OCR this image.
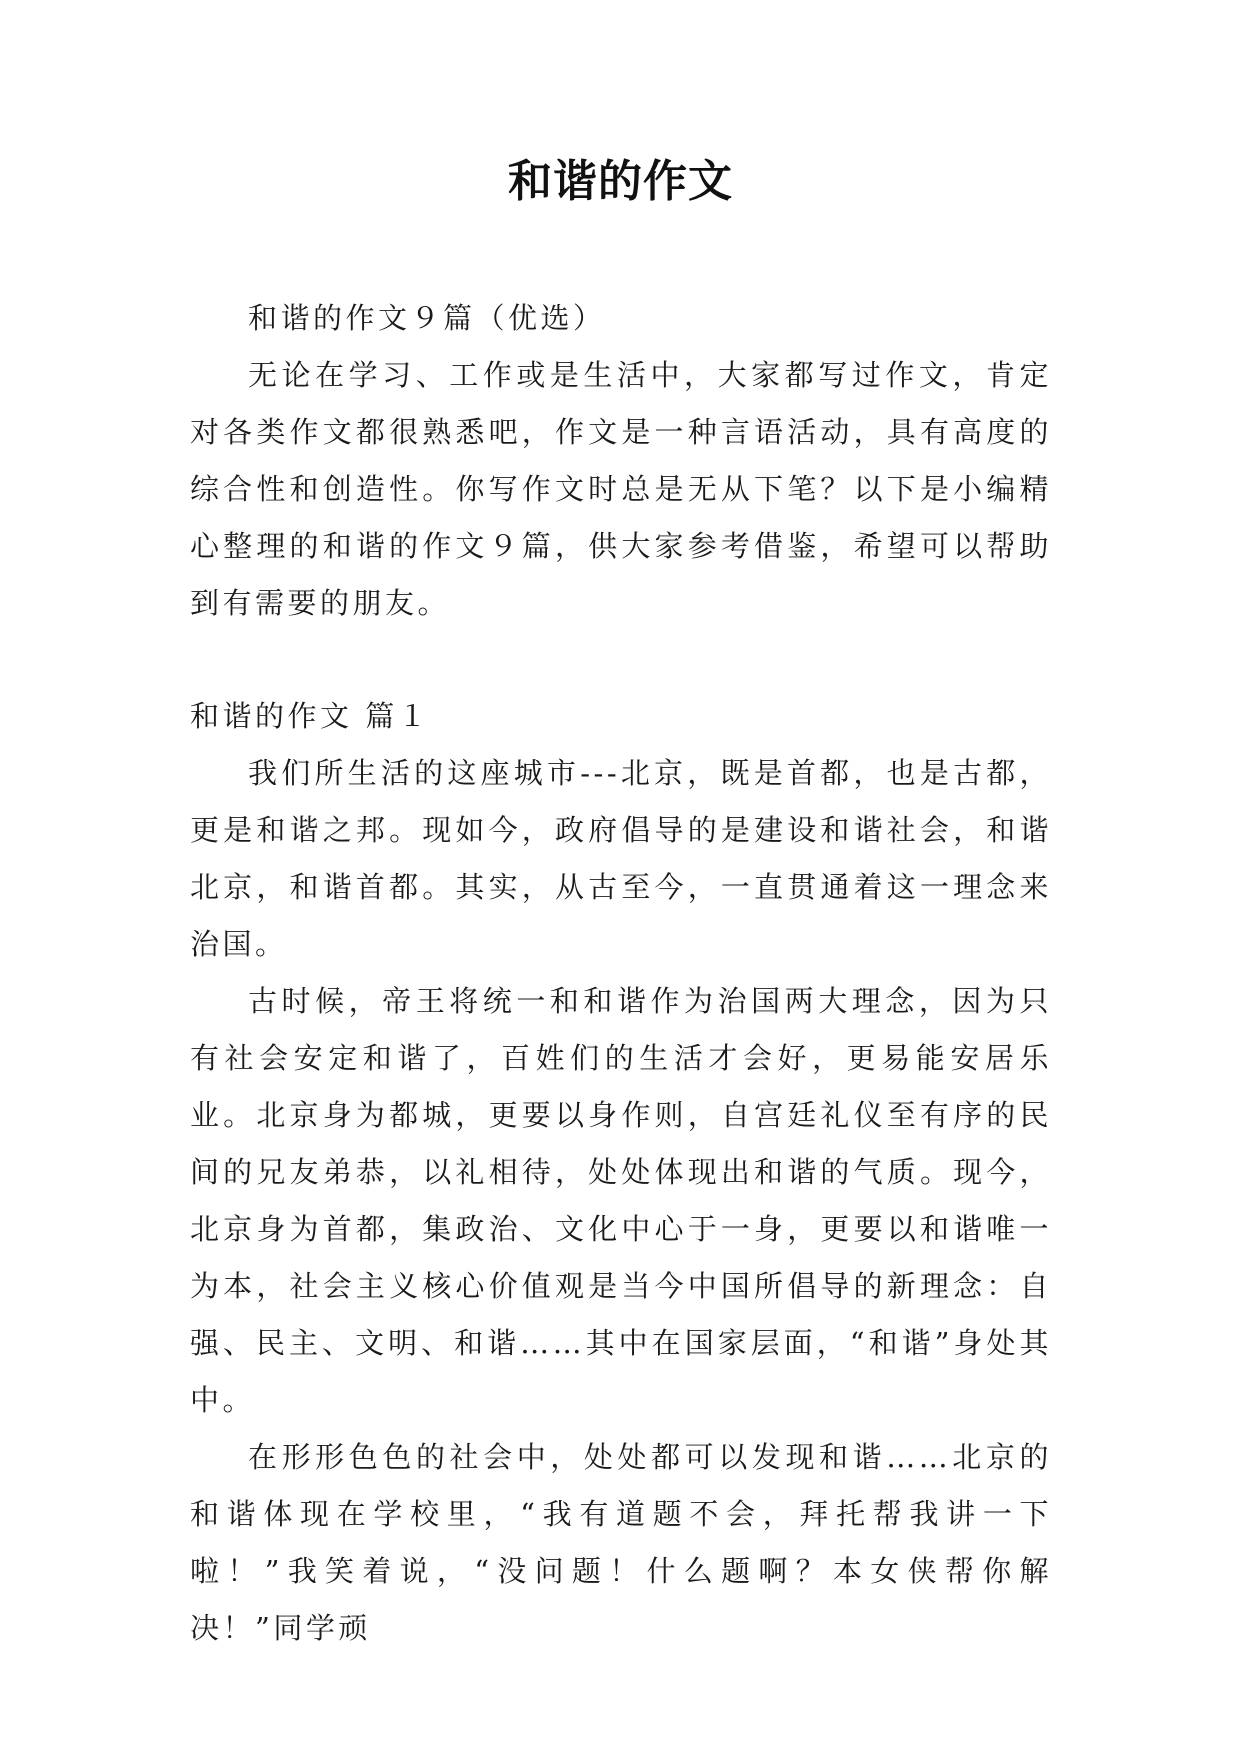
和谐的作文

和谐的作文９篇（优选）

无论在学习、工作或是生活中，大家都写过作文，肯定对各类作文都很熟悉吧，作文是一种言语活动，具有高度的综合性和创造性。你写作文时总是无从下笔？以下是小编精心整理的和谐的作文９篇，供大家参考借鉴，希望可以帮助到有需要的朋友。

和谐的作文 篇１

我们所生活的这座城市---北京，既是首都，也是古都，更是和谐之邦。现如今，政府倡导的是建设和谐社会，和谐北京，和谐首都。其实，从古至今，一直贯通着这一理念来治国。

古时候，帝王将统一和和谐作为治国两大理念，因为只有社会安定和谐了，百姓们的生活才会好，更易能安居乐业。北京身为都城，更要以身作则，自宫廷礼仪至有序的民间的兄友弟恭，以礼相待，处处体现出和谐的气质。现今，北京身为首都，集政治、文化中心于一身，更要以和谐唯一为本，社会主义核心价值观是当今中国所倡导的新理念：自强、民主、文明、和谐……其中在国家层面，“和谐”身处其中。

在形形色色的社会中，处处都可以发现和谐……北京的和谐体现在学校里，“我有道题不会，拜托帮我讲一下啦！”我笑着说，“没问题！什么题啊？本女侠帮你解决！”同学顽
